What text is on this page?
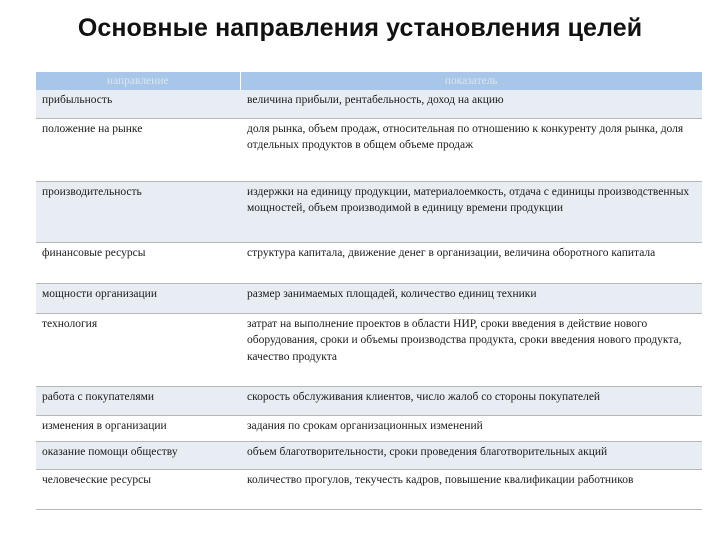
Основные направления установления целей
направление	показатель
прибыльность	величина прибыли, рентабельность, доход на акцию
положение на рынке	доля рынка, объем продаж, относительная по отношению к конкуренту доля рынка, доля отдельных продуктов в общем объеме продаж
производительность	издержки на единицу продукции, материалоемкость, отдача с единицы производственных мощностей, объем производимой в единицу времени продукции
финансовые ресурсы	структура капитала, движение денег в организации, величина оборотного капитала
мощности организации	размер занимаемых площадей, количество единиц техники
технология	затрат на выполнение проектов в области НИР, сроки введения в действие нового оборудования, сроки и объемы производства продукта, сроки введения нового продукта, качество продукта
работа с покупателями	скорость обслуживания клиентов, число жалоб со стороны покупателей
изменения в организации	задания по срокам организационных изменений
оказание помощи обществу	объем благотворительности, сроки проведения благотворительных акций
человеческие ресурсы	количество прогулов, текучесть кадров, повышение квалификации работников
